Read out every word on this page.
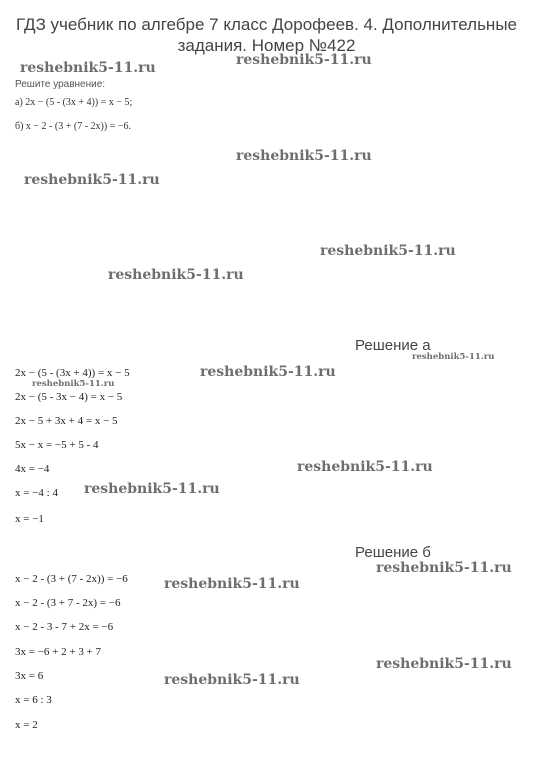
ГДЗ учебник по алгебре 7 класс Дорофеев. 4. Дополнительные задания. Номер №422
Решите уравнение:
а) 2x − (5 - (3x + 4)) = x − 5;
б) x − 2 - (3 + (7 - 2x)) = −6.
reshebnik5-11.ru	reshebnik5-11.ru
reshebnik5-11.ru
reshebnik5-11.ru
reshebnik5-11.ru
reshebnik5-11.ru
reshebnik5-11.ru
reshebnik5-11.ru
reshebnik5-11.ru
reshebnik5-11.ru
reshebnik5-11.ru
reshebnik5-11.ru
reshebnik5-11.ru
reshebnik5-11.ru
reshebnik5-11.ru
Решение а
2x − (5 - (3x + 4)) = x − 5
2x − (5 - 3x − 4) = x − 5
2x − 5 + 3x + 4 = x − 5
5x − x = −5 + 5 - 4
4x = −4
x = −4 : 4
x = −1
Решение б
x − 2 - (3 + (7 - 2x)) = −6
x − 2 - (3 + 7 - 2x) = −6
x − 2 - 3 - 7 + 2x = −6
3x = −6 + 2 + 3 + 7
3x = 6
x = 6 : 3
x = 2
